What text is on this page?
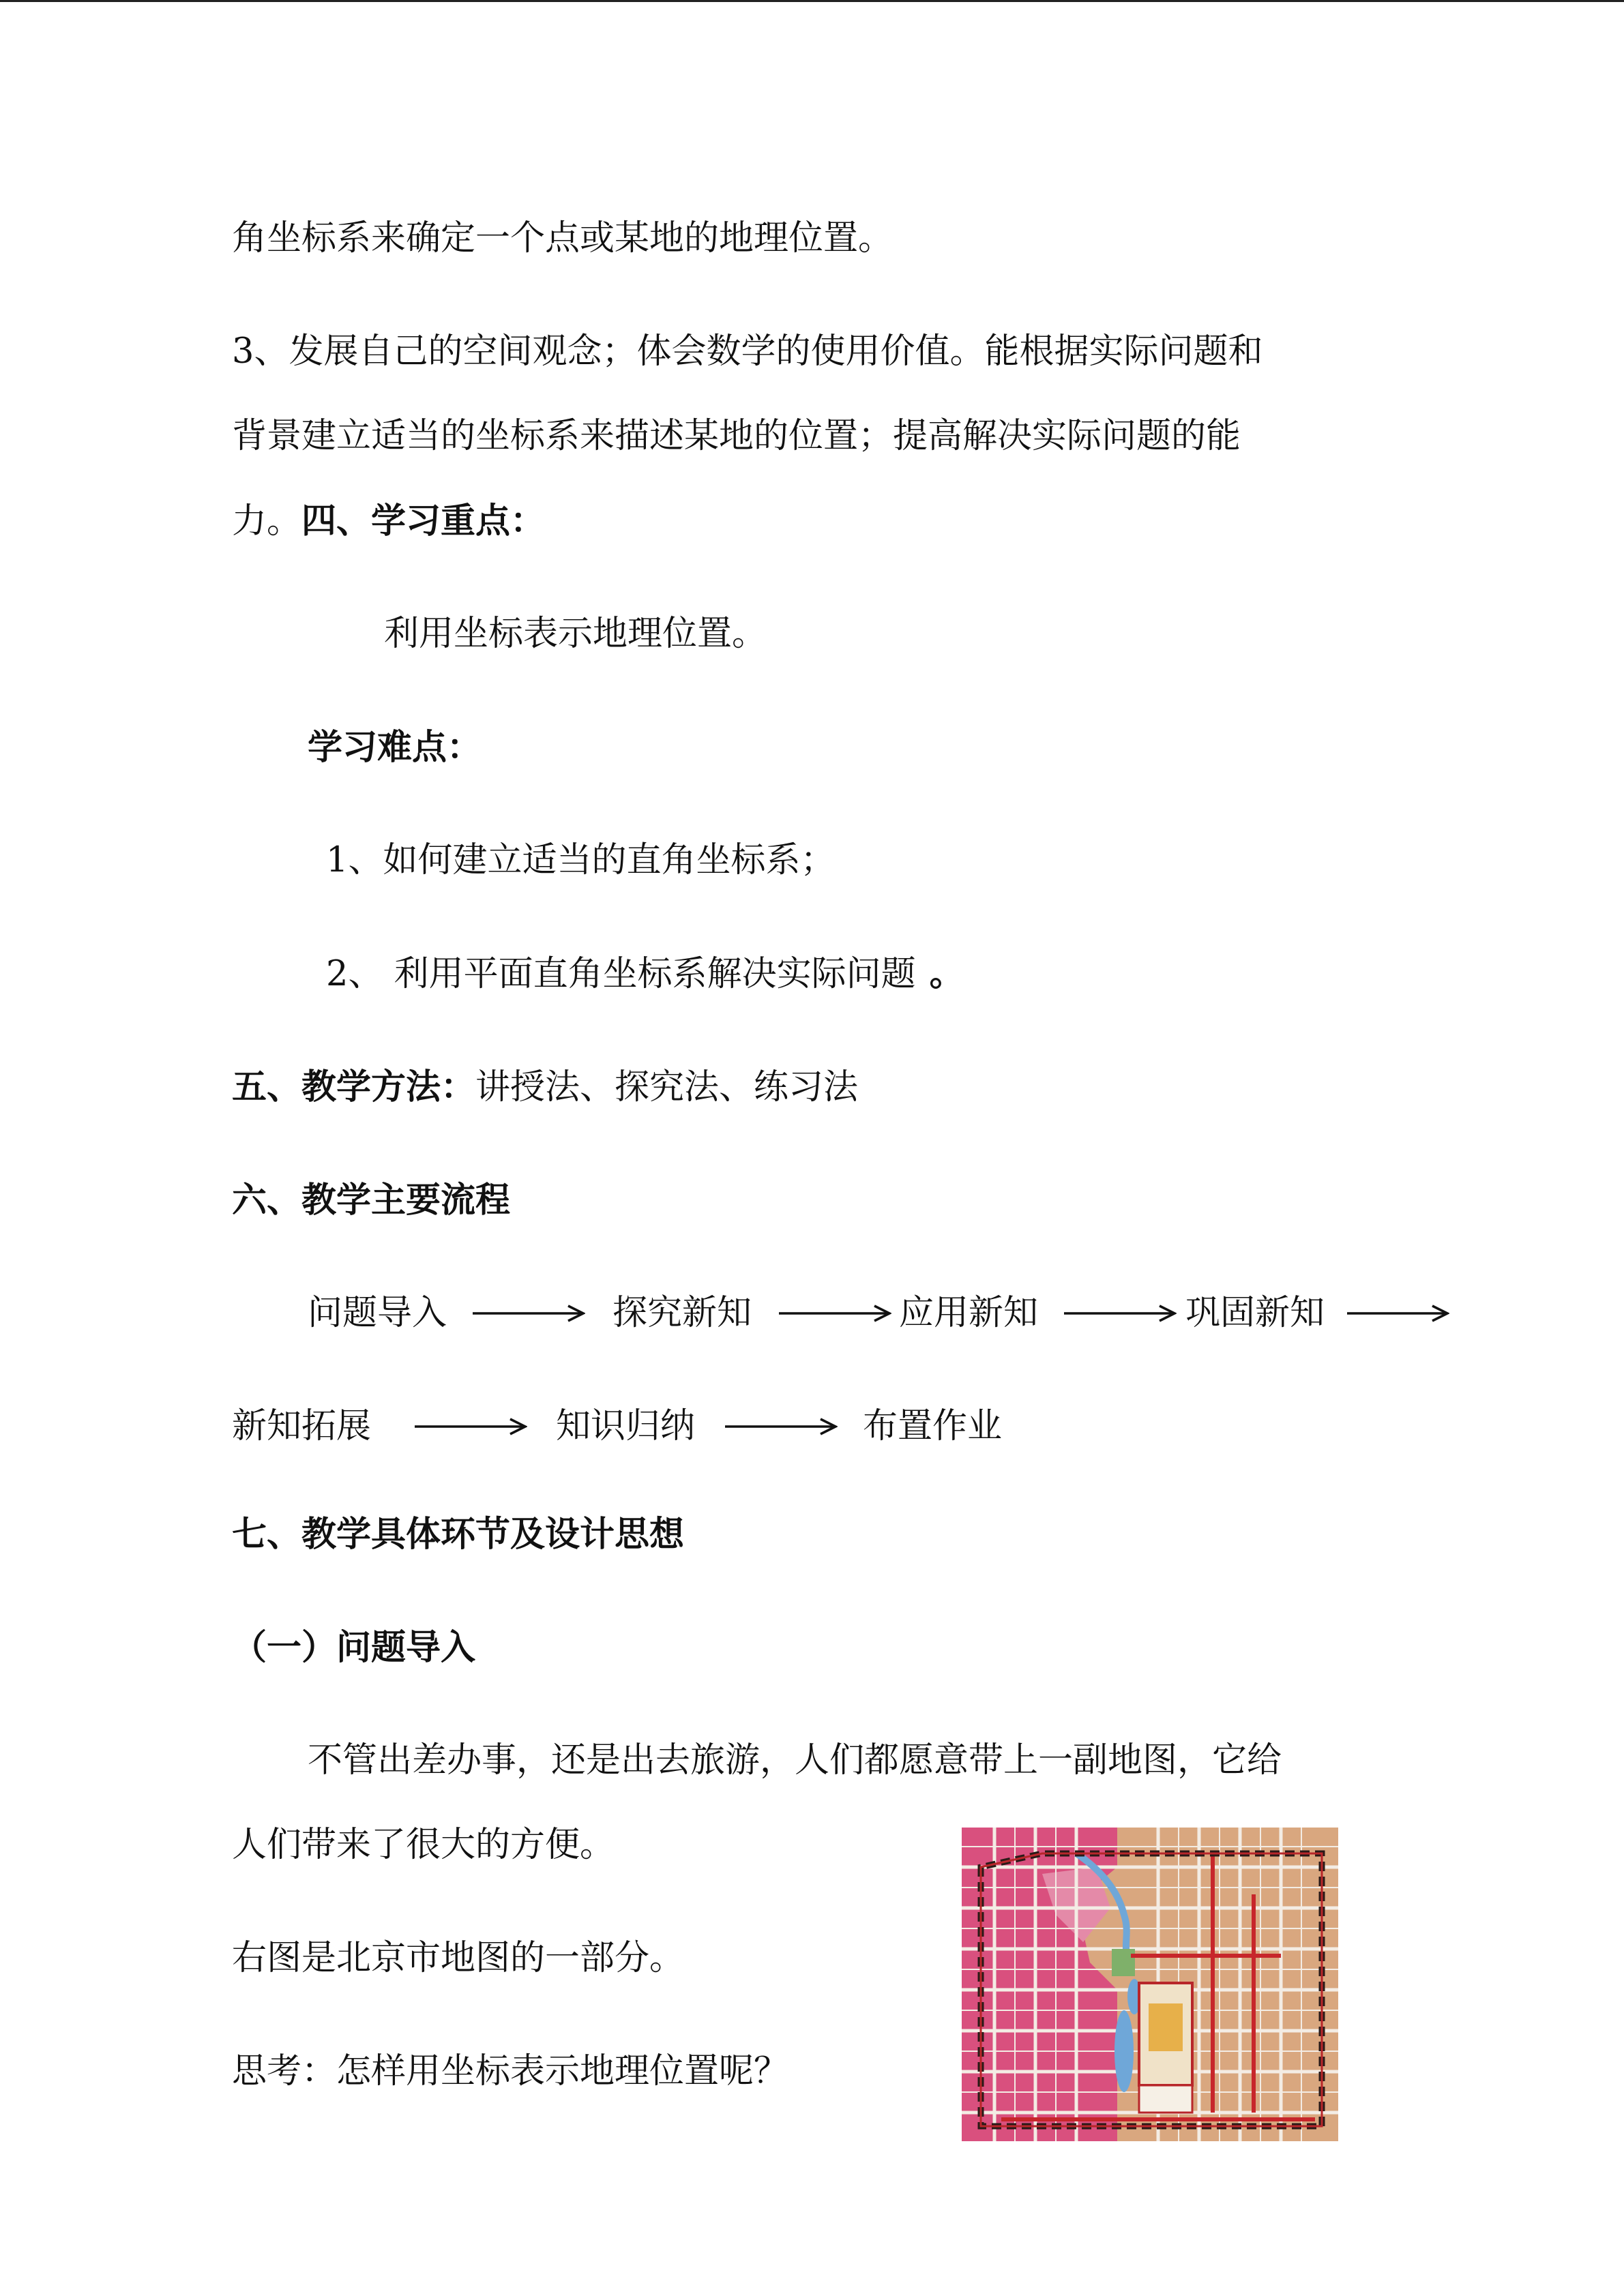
角坐标系来确定一个点或某地的地理位置。
3、发展自己的空间观念；体会数学的使用价值。能根据实际问题和
背景建立适当的坐标系来描述某地的位置；提高解决实际问题的能
力。四、学习重点：
利用坐标表示地理位置。
学习难点：
1、如何建立适当的直角坐标系；
2、 利用平面直角坐标系解决实际问题 。
五、教学方法：讲授法、探究法、练习法
六、教学主要流程
问题导入	探究新知	应用新知	巩固新知
新知拓展	知识归纳	布置作业
七、教学具体环节及设计思想
（一）问题导入
不管出差办事，还是出去旅游，人们都愿意带上一副地图，它给
人们带来了很大的方便。
右图是北京市地图的一部分。
思考：怎样用坐标表示地理位置呢？
